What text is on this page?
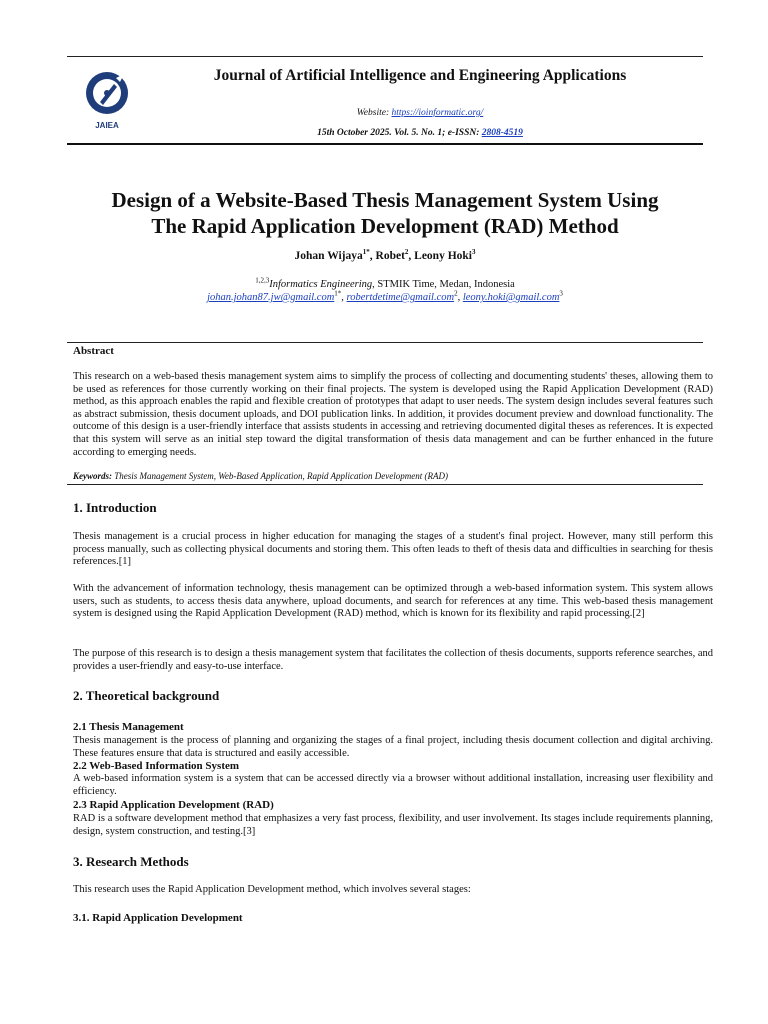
JAIEA
Journal of Artificial Intelligence and Engineering Applications
Website: https://ioinformatic.org/
15th October 2025. Vol. 5. No. 1; e-ISSN: 2808-4519
Design of a Website-Based Thesis Management System Using
The Rapid Application Development (RAD) Method
Johan Wijaya$^{1*}$, Robet$^2$, Leony Hoki$^3$
$^{1,2,3}$Informatics Engineering, STMIK Time, Medan, Indonesia
johan.johan87.jw@gmail.com$^{1*}$, robertdetime@gmail.com$^2$, leony.hoki@gmail.com$^3$
Abstract
This research on a web-based thesis management system aims to simplify the process of collecting and documenting students' theses, allowing them to be used as references for those currently working on their final projects. The system is developed using the Rapid Application Development (RAD) method, as this approach enables the rapid and flexible creation of prototypes that adapt to user needs. The system design includes several features such as abstract submission, thesis document uploads, and DOI publication links. In addition, it provides document preview and download functionality. The outcome of this design is a user-friendly interface that assists students in accessing and retrieving documented digital theses as references. It is expected that this system will serve as an initial step toward the digital transformation of thesis data management and can be further enhanced in the future according to emerging needs.
Keywords: Thesis Management System, Web-Based Application, Rapid Application Development (RAD)
1. Introduction
Thesis management is a crucial process in higher education for managing the stages of a student's final project. However, many still perform this process manually, such as collecting physical documents and storing them. This often leads to theft of thesis data and difficulties in searching for thesis references.[1]
With the advancement of information technology, thesis management can be optimized through a web-based information system. This system allows users, such as students, to access thesis data anywhere, upload documents, and search for references at any time. This web-based thesis management system is designed using the Rapid Application Development (RAD) method, which is known for its flexibility and rapid processing.[2]
The purpose of this research is to design a thesis management system that facilitates the collection of thesis documents, supports reference searches, and provides a user-friendly and easy-to-use interface.
2. Theoretical background
2.1 Thesis Management
Thesis management is the process of planning and organizing the stages of a final project, including thesis document collection and digital archiving. These features ensure that data is structured and easily accessible.
2.2 Web-Based Information System
A web-based information system is a system that can be accessed directly via a browser without additional installation, increasing user flexibility and efficiency.
2.3 Rapid Application Development (RAD)
RAD is a software development method that emphasizes a very fast process, flexibility, and user involvement. Its stages include requirements planning, design, system construction, and testing.[3]
3. Research Methods
This research uses the Rapid Application Development method, which involves several stages:
3.1. Rapid Application Development
